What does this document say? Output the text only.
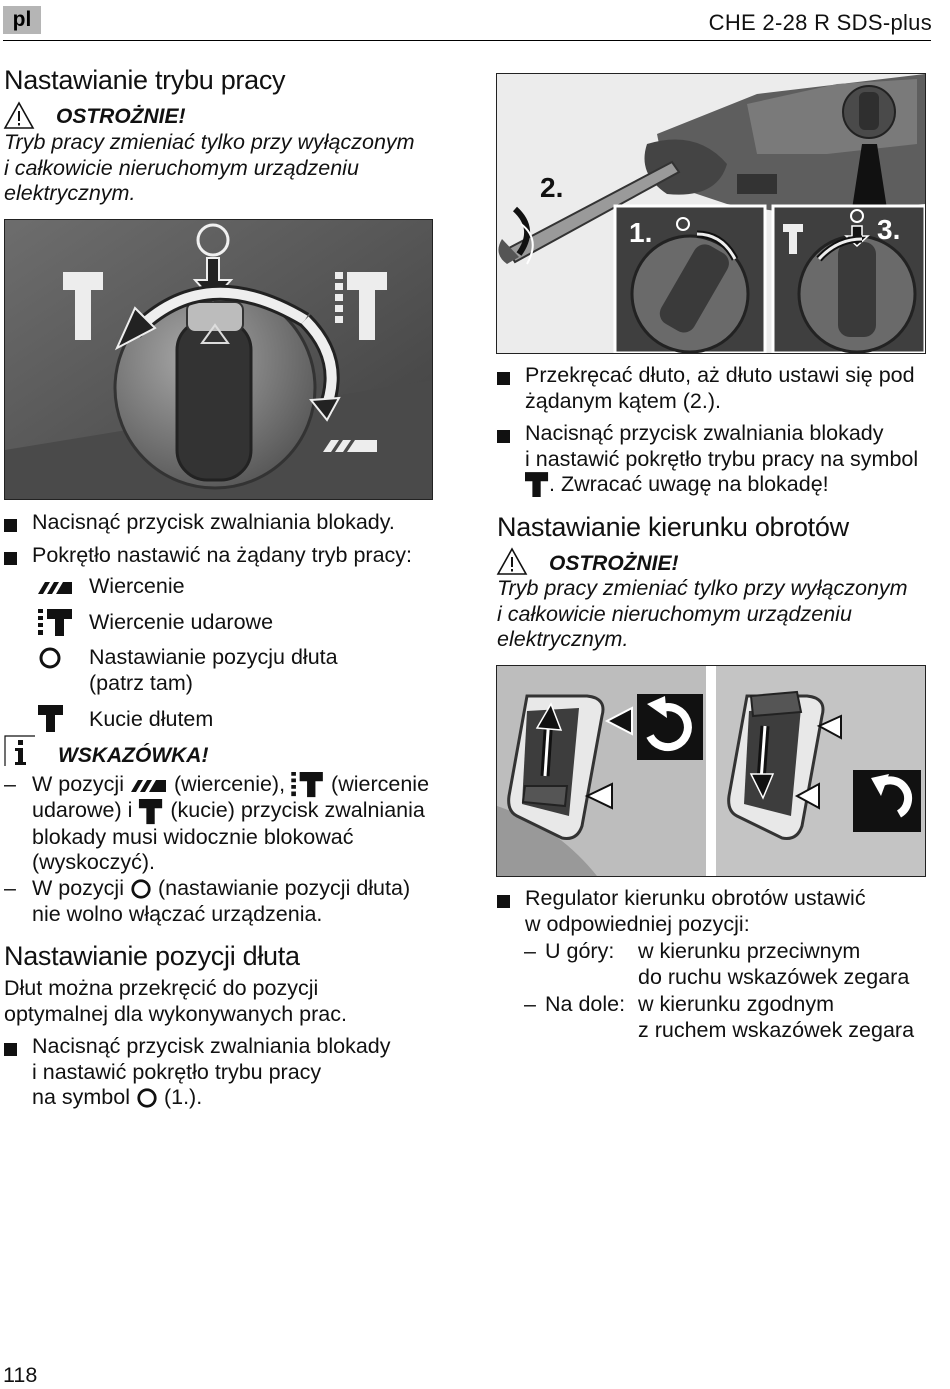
pl	CHE 2-28 R SDS-plus
Nastawianie trybu pracy
OSTROŻNIE!
Tryb pracy zmieniać tylko przy wyłączonym
i całkowicie nieruchomym urządzeniu
elektrycznym.
Nacisnąć przycisk zwalniania blokady.
Pokrętło nastawić na żądany tryb pracy:
Wiercenie
Wiercenie udarowe
Nastawianie pozycju dłuta
(patrz tam)
Kucie dłutem
WSKAZÓWKA!
– W pozycji (wiercenie), (wiercenie
udarowe) i (kucie) przycisk zwalniania
blokady musi widocznie blokować
(wyskoczyć).
– W pozycji (nastawianie pozycji dłuta)
nie wolno włączać urządzenia.
Nastawianie pozycji dłuta
Dłut można przekręcić do pozycji
optymalnej dla wykonywanych prac.
Nacisnąć przycisk zwalniania blokady
i nastawić pokrętło trybu pracy
na symbol (1.).
118
2.
1.	3.
Przekręcać dłuto, aż dłuto ustawi się pod
żądanym kątem (2.).
Nacisnąć przycisk zwalniania blokady
i nastawić pokrętło trybu pracy na symbol
. Zwracać uwagę na blokadę!
Nastawianie kierunku obrotów
OSTROŻNIE!
Tryb pracy zmieniać tylko przy wyłączonym
i całkowicie nieruchomym urządzeniu
elektrycznym.
Regulator kierunku obrotów ustawić
w odpowiedniej pozycji:
– U góry: w kierunku przeciwnym
do ruchu wskazówek zegara
– Na dole: w kierunku zgodnym
z ruchem wskazówek zegara
